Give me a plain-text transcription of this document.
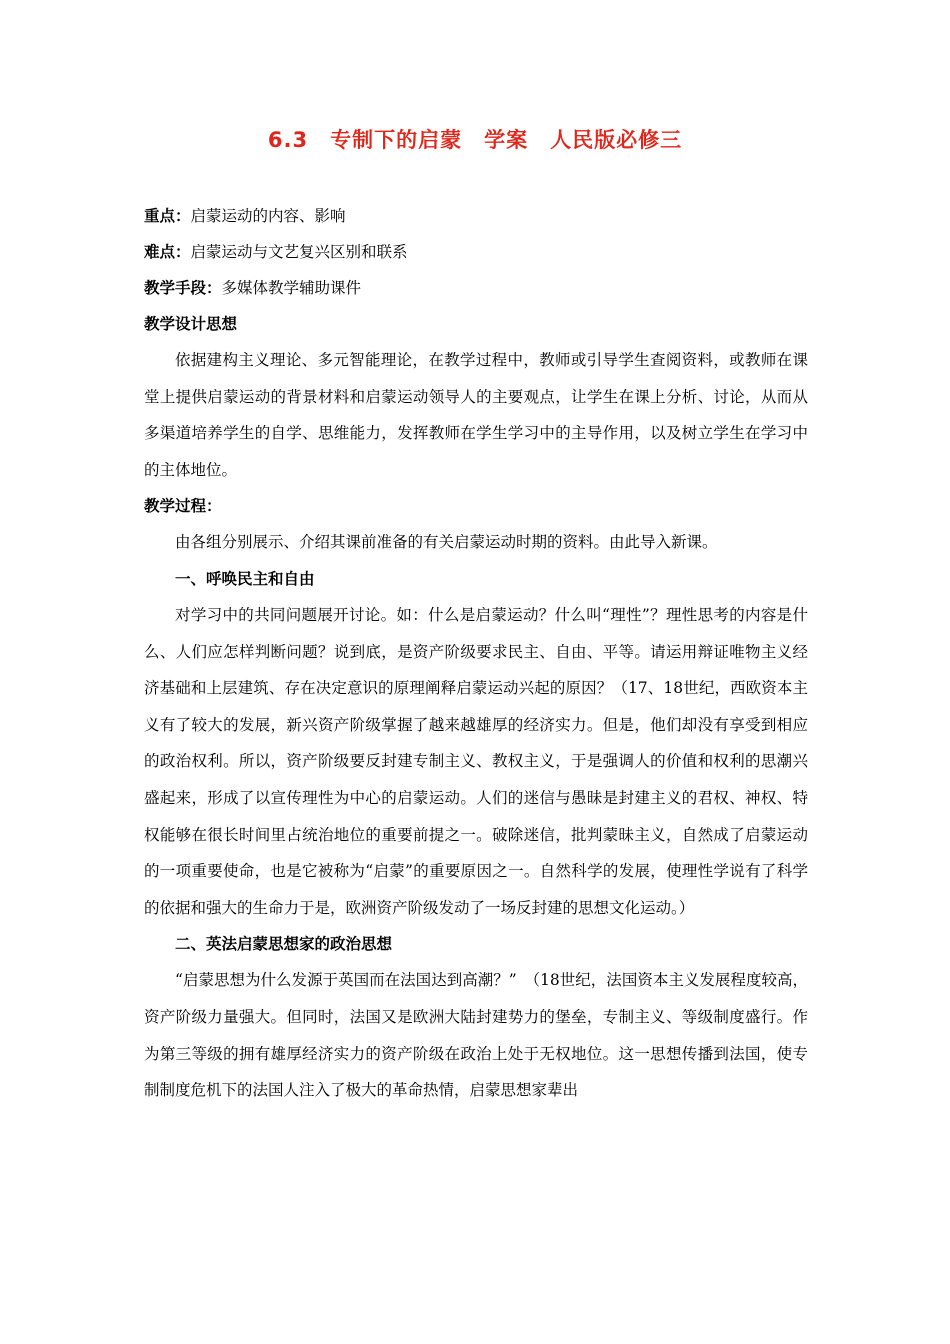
6.3　专制下的启蒙　学案　人民版必修三

重点：启蒙运动的内容、影响

难点：启蒙运动与文艺复兴区别和联系

教学手段：多媒体教学辅助课件

教学设计思想

依据建构主义理论、多元智能理论，在教学过程中，教师或引导学生查阅资料，或教师在课堂上提供启蒙运动的背景材料和启蒙运动领导人的主要观点，让学生在课上分析、讨论，从而从多渠道培养学生的自学、思维能力，发挥教师在学生学习中的主导作用，以及树立学生在学习中的主体地位。

教学过程：

由各组分别展示、介绍其课前准备的有关启蒙运动时期的资料。由此导入新课。

一、呼唤民主和自由

对学习中的共同问题展开讨论。如：什么是启蒙运动？什么叫“理性”？理性思考的内容是什么、人们应怎样判断问题？说到底，是资产阶级要求民主、自由、平等。请运用辩证唯物主义经济基础和上层建筑、存在决定意识的原理阐释启蒙运动兴起的原因？（17、18世纪，西欧资本主义有了较大的发展，新兴资产阶级掌握了越来越雄厚的经济实力。但是，他们却没有享受到相应的政治权利。所以，资产阶级要反封建专制主义、教权主义，于是强调人的价值和权利的思潮兴盛起来，形成了以宣传理性为中心的启蒙运动。人们的迷信与愚昧是封建主义的君权、神权、特权能够在很长时间里占统治地位的重要前提之一。破除迷信，批判蒙昧主义，自然成了启蒙运动的一项重要使命，也是它被称为“启蒙”的重要原因之一。自然科学的发展，使理性学说有了科学的依据和强大的生命力于是，欧洲资产阶级发动了一场反封建的思想文化运动。）

二、英法启蒙思想家的政治思想

“启蒙思想为什么发源于英国而在法国达到高潮？”　（18世纪，法国资本主义发展程度较高，资产阶级力量强大。但同时，法国又是欧洲大陆封建势力的堡垒，专制主义、等级制度盛行。作为第三等级的拥有雄厚经济实力的资产阶级在政治上处于无权地位。这一思想传播到法国，使专制制度危机下的法国人注入了极大的革命热情，启蒙思想家辈出
